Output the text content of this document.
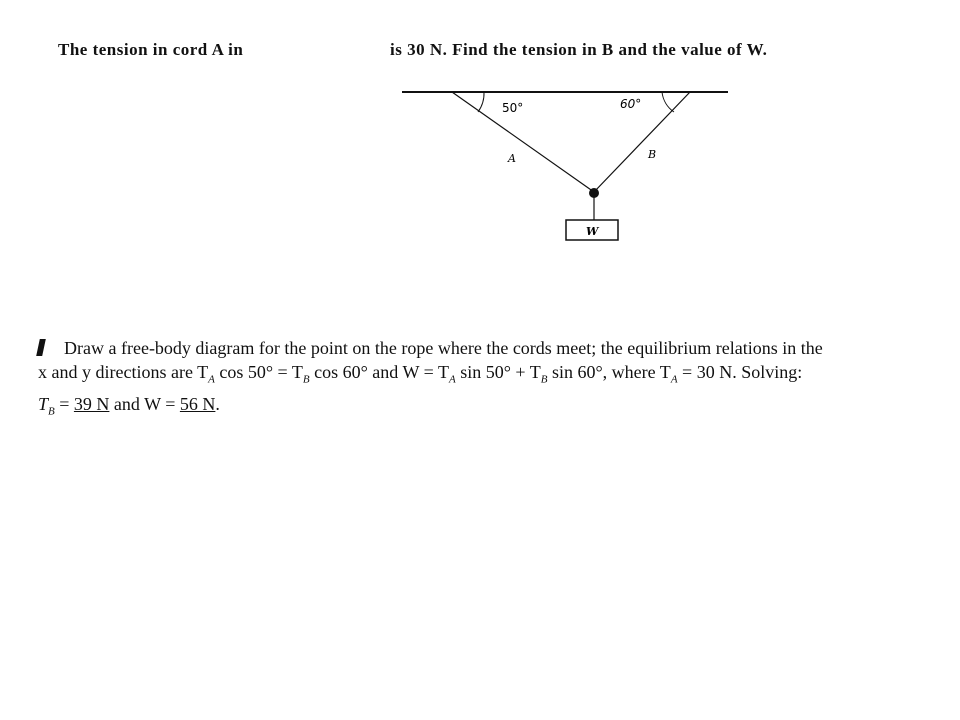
The tension in cord A in	is 30 N. Find the tension in B and the value of W.
50°	60°
A	B
W
Draw a free-body diagram for the point on the rope where the cords meet; the equilibrium relations in the
x and y directions are $T_A$ $\cos 50^\circ = T_B$ cos 60° and $W = T_A$ $\sin 50^\circ + T_B$ sin 60°, where $T_A = 30$ N. Solving:
$T_B = 39$ N and W = 56 N.
